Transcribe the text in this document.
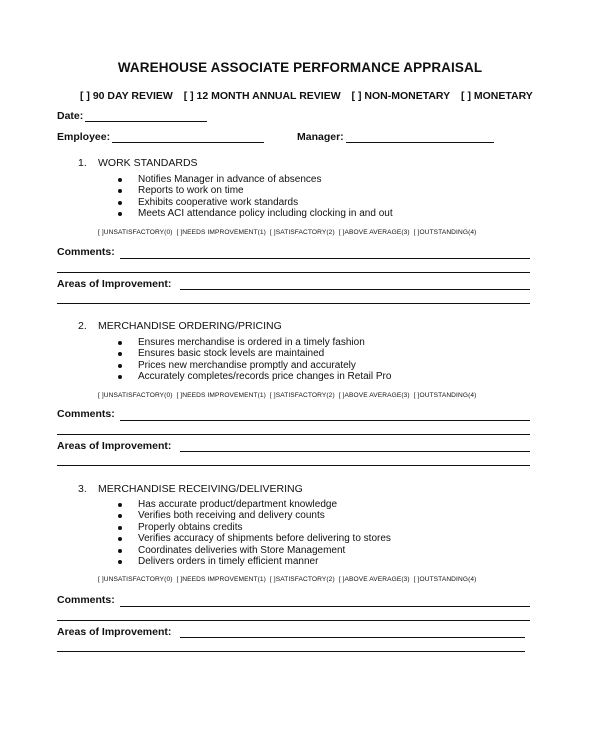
WAREHOUSE ASSOCIATE PERFORMANCE APPRAISAL
[ ] 90 DAY REVIEW [ ] 12 MONTH ANNUAL REVIEW [ ] NON-MONETARY [ ] MONETARY
Date:
Employee:	Manager:
1. WORK STANDARDS
Notifies Manager in advance of absences
Reports to work on time
Exhibits cooperative work standards
Meets ACI attendance policy including clocking in and out
[ ]UNSATISFACTORY(0) [ ]NEEDS IMPROVEMENT(1) [ ]SATISFACTORY(2) [ ]ABOVE AVERAGE(3) [ ]OUTSTANDING(4)
Comments:
Areas of Improvement:
2. MERCHANDISE ORDERING/PRICING
Ensures merchandise is ordered in a timely fashion
Ensures basic stock levels are maintained
Prices new merchandise promptly and accurately
Accurately completes/records price changes in Retail Pro
[ ]UNSATISFACTORY(0) [ ]NEEDS IMPROVEMENT(1) [ ]SATISFACTORY(2) [ ]ABOVE AVERAGE(3) [ ]OUTSTANDING(4)
Comments:
Areas of Improvement:
3. MERCHANDISE RECEIVING/DELIVERING
Has accurate product/department knowledge
Verifies both receiving and delivery counts
Properly obtains credits
Verifies accuracy of shipments before delivering to stores
Coordinates deliveries with Store Management
Delivers orders in timely efficient manner
[ ]UNSATISFACTORY(0) [ ]NEEDS IMPROVEMENT(1) [ ]SATISFACTORY(2) [ ]ABOVE AVERAGE(3) [ ]OUTSTANDING(4)
Comments:
Areas of Improvement:
